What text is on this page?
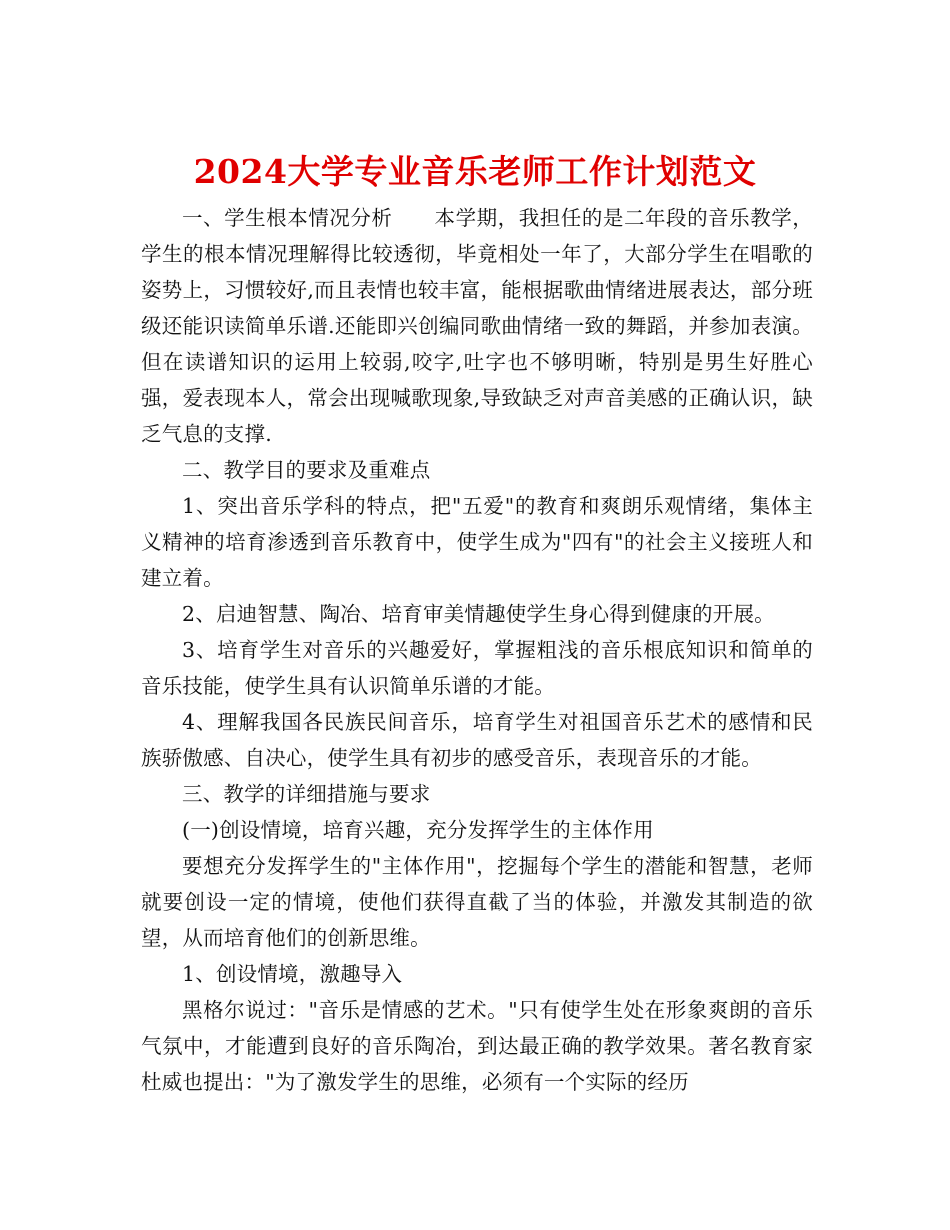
2024大学专业音乐老师工作计划范文

一、学生根本情况分析　　本学期，我担任的是二年段的音乐教学，学生的根本情况理解得比较透彻，毕竟相处一年了，大部分学生在唱歌的姿势上，习惯较好,而且表情也较丰富，能根据歌曲情绪进展表达，部分班级还能识读简单乐谱.还能即兴创编同歌曲情绪一致的舞蹈，并参加表演。但在读谱知识的运用上较弱,咬字,吐字也不够明晰，特别是男生好胜心强，爱表现本人，常会出现喊歌现象,导致缺乏对声音美感的正确认识，缺乏气息的支撑.

二、教学目的要求及重难点

1、突出音乐学科的特点，把"五爱"的教育和爽朗乐观情绪，集体主义精神的培育渗透到音乐教育中，使学生成为"四有"的社会主义接班人和建立着。

2、启迪智慧、陶冶、培育审美情趣使学生身心得到健康的开展。

3、培育学生对音乐的兴趣爱好，掌握粗浅的音乐根底知识和简单的音乐技能，使学生具有认识简单乐谱的才能。

4、理解我国各民族民间音乐，培育学生对祖国音乐艺术的感情和民族骄傲感、自决心，使学生具有初步的感受音乐，表现音乐的才能。

三、教学的详细措施与要求

(一)创设情境，培育兴趣，充分发挥学生的主体作用

要想充分发挥学生的"主体作用"，挖掘每个学生的潜能和智慧，老师就要创设一定的情境，使他们获得直截了当的体验，并激发其制造的欲望，从而培育他们的创新思维。

1、创设情境，激趣导入

黑格尔说过："音乐是情感的艺术。"只有使学生处在形象爽朗的音乐气氛中，才能遭到良好的音乐陶冶，到达最正确的教学效果。著名教育家杜威也提出："为了激发学生的思维，必须有一个实际的经历
